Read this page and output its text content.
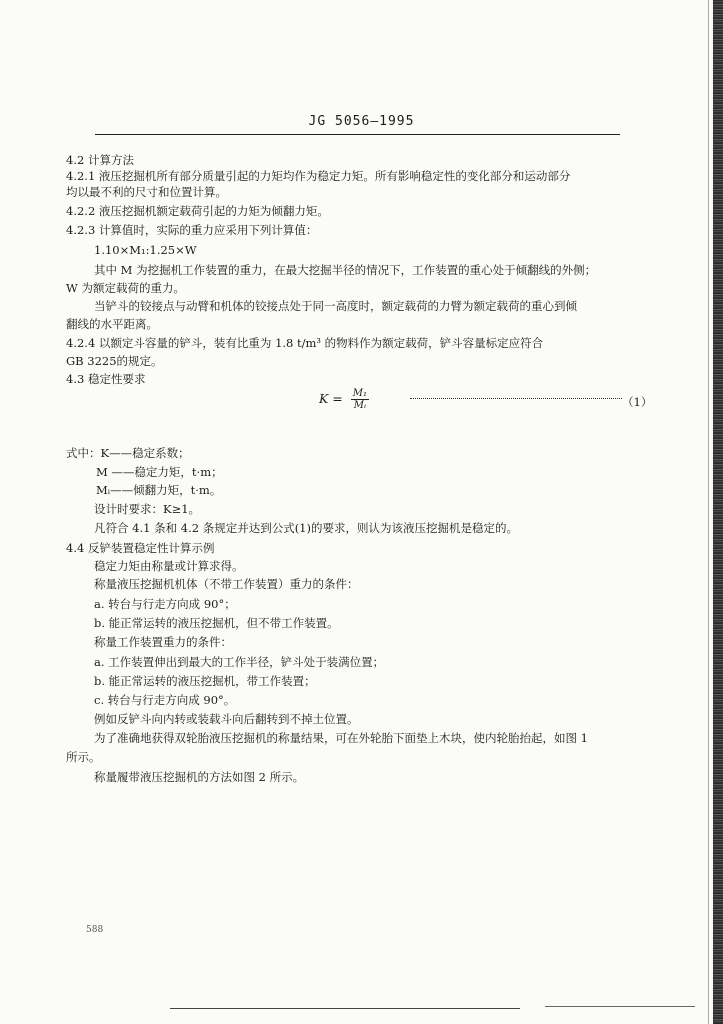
JG 5056—1995
4.2 计算方法
4.2.1 液压挖掘机所有部分质量引起的力矩均作为稳定力矩。所有影响稳定性的变化部分和运动部分
均以最不利的尺寸和位置计算。
4.2.2 液压挖掘机额定载荷引起的力矩为倾翻力矩。
4.2.3 计算值时，实际的重力应采用下列计算值：
1.10×M₁:1.25×W
其中 M 为挖掘机工作装置的重力，在最大挖掘半径的情况下，工作装置的重心处于倾翻线的外侧；
W 为额定载荷的重力。
当铲斗的铰接点与动臂和机体的铰接点处于同一高度时，额定载荷的力臂为额定载荷的重心到倾
翻线的水平距离。
4.2.4 以额定斗容量的铲斗，装有比重为 1.8 t/m³ 的物料作为额定载荷，铲斗容量标定应符合
GB 3225的规定。
4.3 稳定性要求
$K = \frac{\text{M₁}}{\text{Mᵢ}}$	（1）
式中：K——稳定系数；
M ——稳定力矩，t·m；
Mᵢ——倾翻力矩，t·m。
设计时要求：K≥1。
凡符合 4.1 条和 4.2 条规定并达到公式(1)的要求，则认为该液压挖掘机是稳定的。
4.4 反铲装置稳定性计算示例
稳定力矩由称量或计算求得。
称量液压挖掘机机体（不带工作装置）重力的条件：
a. 转台与行走方向成 90°；
b. 能正常运转的液压挖掘机，但不带工作装置。
称量工作装置重力的条件：
a. 工作装置伸出到最大的工作半径，铲斗处于装满位置；
b. 能正常运转的液压挖掘机，带工作装置；
c. 转台与行走方向成 90°。
例如反铲斗向内转或装载斗向后翻转到不掉土位置。
为了准确地获得双轮胎液压挖掘机的称量结果，可在外轮胎下面垫上木块，使内轮胎抬起，如图 1
所示。
称量履带液压挖掘机的方法如图 2 所示。
588
